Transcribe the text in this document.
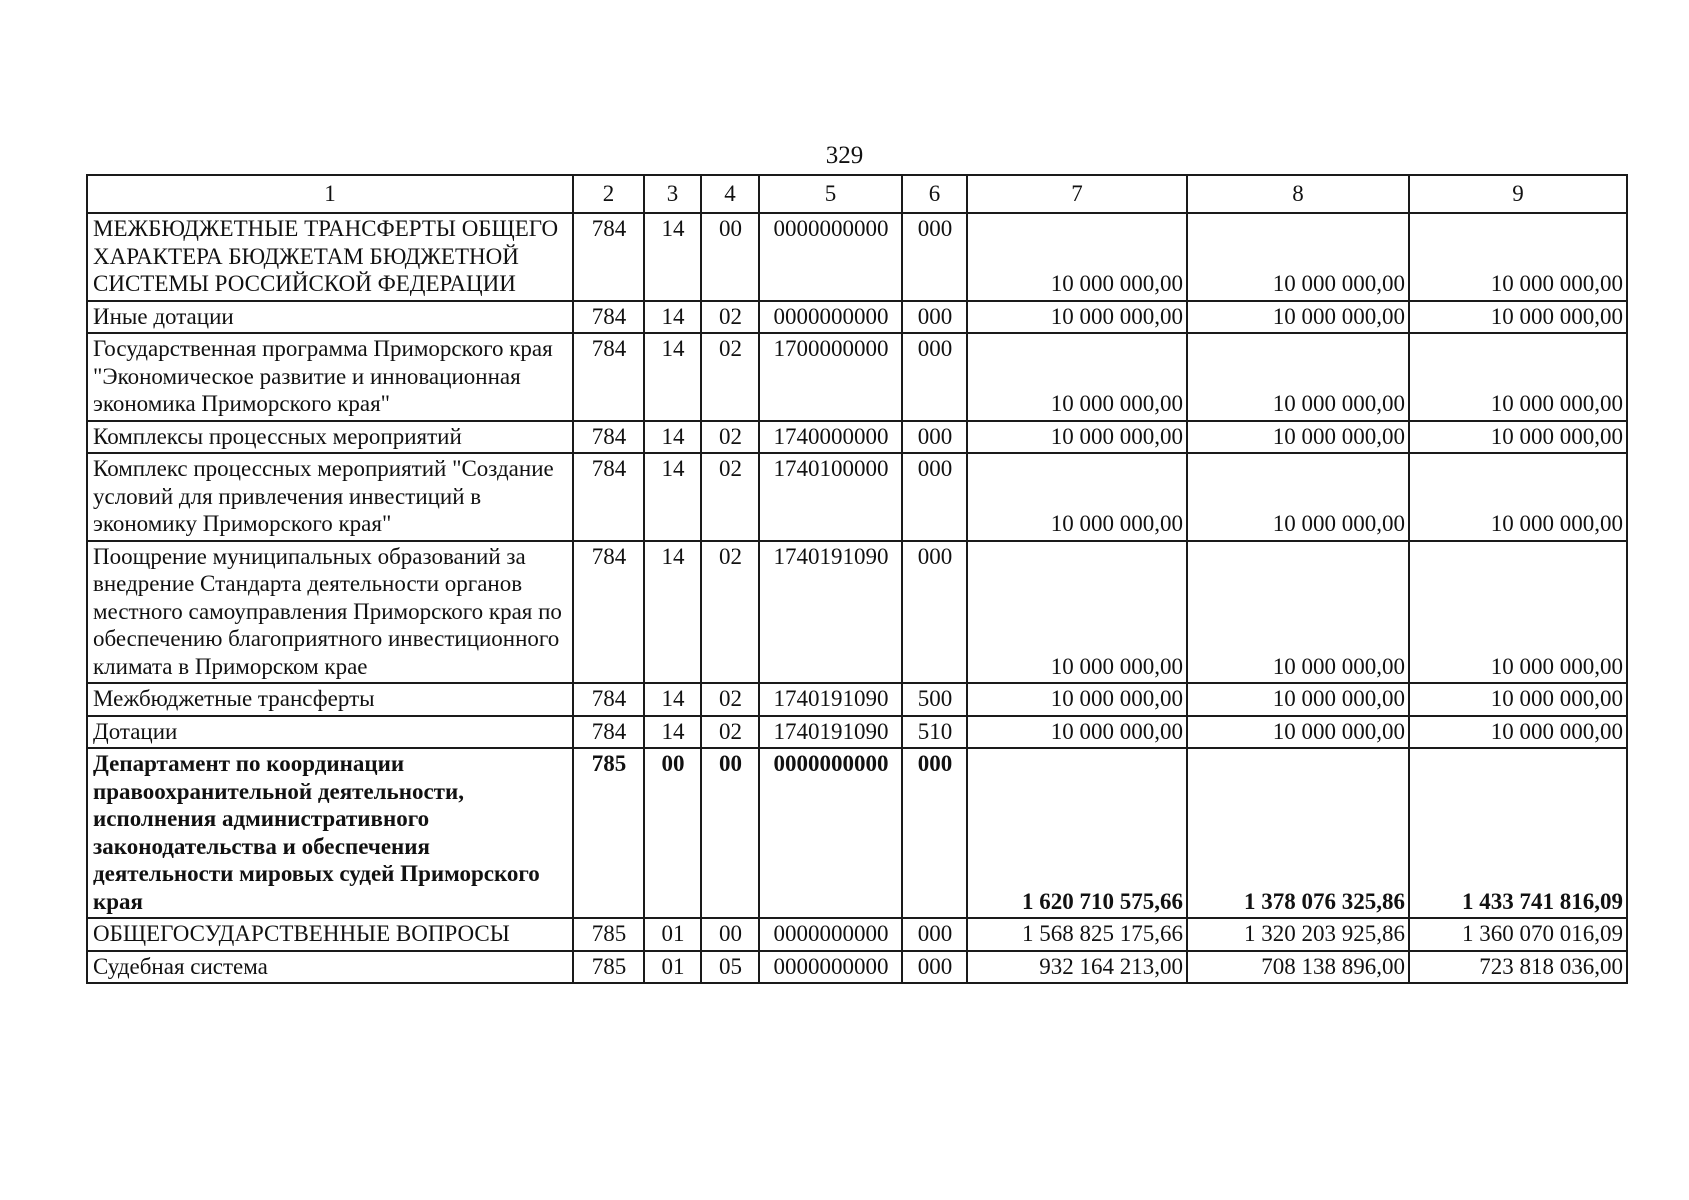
329
1	2	3	4	5	6	7	8	9
МЕЖБЮДЖЕТНЫЕ ТРАНСФЕРТЫ ОБЩЕГО ХАРАКТЕРА БЮДЖЕТАМ БЮДЖЕТНОЙ СИСТЕМЫ РОССИЙСКОЙ ФЕДЕРАЦИИ	784	14	00	0000000000	000	10 000 000,00	10 000 000,00	10 000 000,00
Иные дотации	784	14	02	0000000000	000	10 000 000,00	10 000 000,00	10 000 000,00
Государственная программа Приморского края "Экономическое развитие и инновационная экономика Приморского края"	784	14	02	1700000000	000	10 000 000,00	10 000 000,00	10 000 000,00
Комплексы процессных мероприятий	784	14	02	1740000000	000	10 000 000,00	10 000 000,00	10 000 000,00
Комплекс процессных мероприятий "Создание условий для привлечения инвестиций в экономику Приморского края"	784	14	02	1740100000	000	10 000 000,00	10 000 000,00	10 000 000,00
Поощрение муниципальных образований за внедрение Стандарта деятельности органов местного самоуправления Приморского края по обеспечению благоприятного инвестиционного климата в Приморском крае	784	14	02	1740191090	000	10 000 000,00	10 000 000,00	10 000 000,00
Межбюджетные трансферты	784	14	02	1740191090	500	10 000 000,00	10 000 000,00	10 000 000,00
Дотации	784	14	02	1740191090	510	10 000 000,00	10 000 000,00	10 000 000,00
Департамент по координации правоохранительной деятельности, исполнения административного законодательства и обеспечения деятельности мировых судей Приморского края	785	00	00	0000000000	000	1 620 710 575,66	1 378 076 325,86	1 433 741 816,09
ОБЩЕГОСУДАРСТВЕННЫЕ ВОПРОСЫ	785	01	00	0000000000	000	1 568 825 175,66	1 320 203 925,86	1 360 070 016,09
Судебная система	785	01	05	0000000000	000	932 164 213,00	708 138 896,00	723 818 036,00
